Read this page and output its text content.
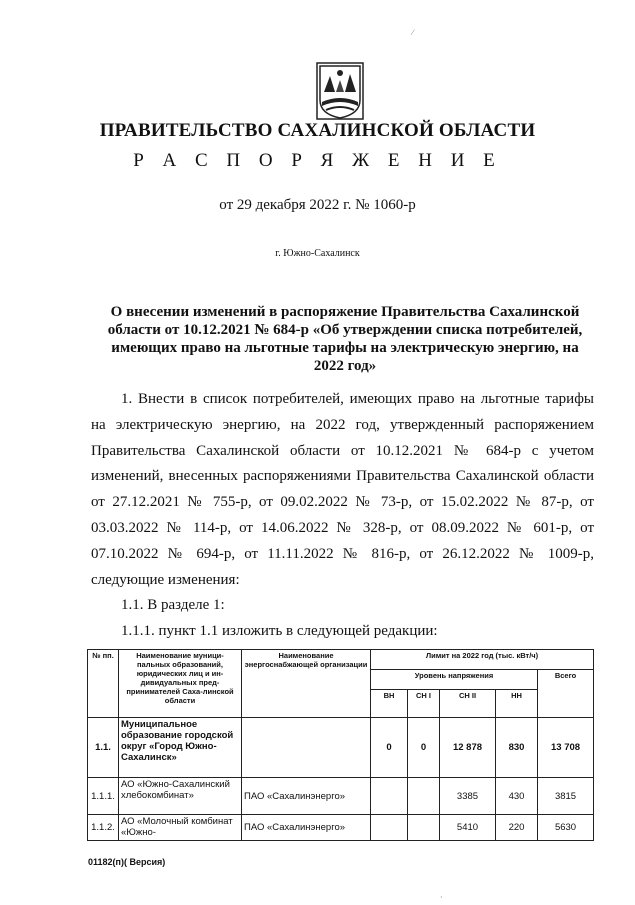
ПРАВИТЕЛЬСТВО САХАЛИНСКОЙ ОБЛАСТИ
Р А С П О Р Я Ж Е Н И Е
от 29 декабря 2022 г. № 1060-р
г. Южно-Сахалинск
О внесении изменений в распоряжение Правительства Сахалинской области от 10.12.2021 № 684-р «Об утверждении списка потребителей, имеющих право на льготные тарифы на электрическую энергию, на 2022 год»

1. Внести в список потребителей, имеющих право на льготные тарифы на электрическую энергию, на 2022 год, утвержденный распоряжением Правительства Сахалинской области от 10.12.2021 № 684-р с учетом изменений, внесенных распоряжениями Правительства Сахалинской области от 27.12.2021 № 755-р, от 09.02.2022 № 73-р, от 15.02.2022 № 87-р, от 03.03.2022 № 114-р, от 14.06.2022 № 328-р, от 08.09.2022 № 601-р, от 07.10.2022 № 694-р, от 11.11.2022 № 816-р, от 26.12.2022 № 1009-р, следующие изменения:

1.1. В разделе 1:

1.1.1. пункт 1.1 изложить в следующей редакции:

№ пп.	Наименование муници-пальных образований, юридических лиц и ин-дивидуальных пред-принимателей Саха-линской области	Наименование энергоснабжающей организации	Лимит на 2022 год (тыс. кВт/ч)				
			Уровень напряжения				Всего
			ВН	СН I	СН II	НН	
1.1.	Муниципальное образование городской округ «Город Южно-Сахалинск»		0	0	12 878	830	13 708
1.1.1.	АО «Южно-Сахалинский хлебокомбинат»	ПАО «Сахалинэнерго»			3385	430	3815
1.1.2.	АО «Молочный комбинат «Южно-	ПАО «Сахалинэнерго»			5410	220	5630
01182(п)( Версия)
⁄
·
